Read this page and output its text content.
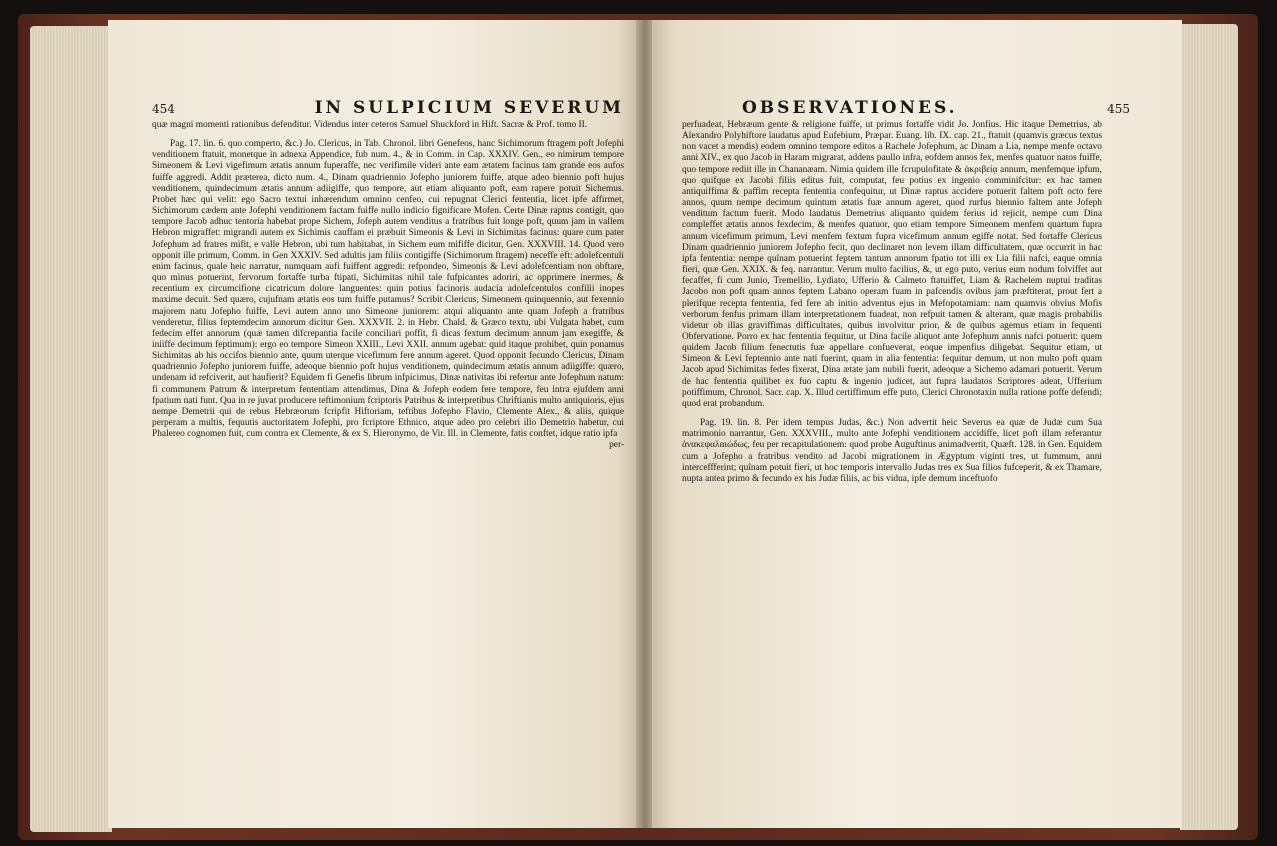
454	IN SULPICIUM SEVERUM

quæ magni momenti rationibus defenditur. Videndus inter ceteros Samuel Shuckford in Hift. Sacræ & Prof. tomo II.

Pag. 17. lin. 6. quo comperto, &c.) Jo. Clericus, in Tab. Chronol. libri Genefeos, hanc Sichimorum ftragem poft Jofephi venditionem ftatuit, monetque in adnexa Appendice, fub num. 4., & in Comm. in Cap. XXXIV. Gen., eo nimirum tempore Simeonem & Levi vigefimum ætatis annum fuperaffe, nec verifimile videri ante eam ætatem facinus tam grande eos aufos fuiffe aggredi. Addit præterea, dicto num. 4., Dinam quadriennio Jofepho juniorem fuiffe, atque adeo biennio poft hujus venditionem, quindecimum ætatis annum adiigiffe, quo tempore, aut etiam aliquanto poft, eam rapere potuit Sichemus. Probet hæc qui velit: ego Sacro textui inhærendum omnino cenfeo, cui repugnat Clerici fententia, licet ipfe affirmet, Sichimorum cædem ante Jofephi venditionem factam fuiffe nullo indicio fignificare Mofen. Certe Dinæ raptus contigit, quo tempore Jacob adhuc tentoria habebat prope Sichem, Jofeph autem venditus a fratribus fuit longe poft, quum jam in vallem Hebron migraffet: migrandi autem ex Sichimis cauffam ei præbuit Simeonis & Levi in Sichimitas facinus: quare cum pater Jofephum ad fratres mifit, e valle Hebron, ubi tum habitabat, in Sichem eum mififfe dicitur, Gen. XXXVIII. 14. Quod vero opponit ille primum, Comm. in Gen XXXIV. Sed adultis jam filiis contigiffe (Sichimorum ftragem) neceffe eft: adolefcentuli enim facinus, quale heic narratur, numquam aufi fuiffent aggredi: refpondeo, Simeonis & Levi adolefcentiam non obftare, quo minus potuerint, fervorum fortaffe turba ftipati, Sichimitas nihil tale fufpicantes adoriri, ac opprimere inermes, & recentium ex circumcifione cicatricum dolore languentes: quin potius facinoris audacia adolefcentulos confilii inopes maxime decuit. Sed quæro, cujufnam ætatis eos tum fuiffe putamus? Scribit Clericus, Simeonem quinquennio, aut fexennio majorem natu Jofepho fuiffe, Levi autem anno uno Simeone juniorem: atqui aliquanto ante quam Jofeph a fratribus venderetur, filius feptemdecim annorum dicitur Gen. XXXVII. 2. in Hebr. Chald. & Græco textu, ubi Vulgata habet, cum fedecim effet annorum (quæ tamen difcrepantia facile conciliari poffit, fi dicas fextum decimum annum jam exegiffe, & iniiffe decimum feptimum): ergo eo tempore Simeon XXIII., Levi XXII. annum agebat: quid itaque prohibet, quin ponamus Sichimitas ab his occifos biennio ante, quum uterque vicefimum fere annum ageret. Quod opponit fecundo Clericus, Dinam quadriennio Jofepho juniorem fuiffe, adeoque biennio poft hujus venditionem, quindecimum ætatis annum adiigiffe: quæro, undenam id refciverit, aut haufierit? Equidem fi Genefis librum infpicimus, Dinæ nativitas ibi refertur ante Jofephum natum: fi communem Patrum & interpretum fententiam attendimus, Dina & Jofeph eodem fere tempore, feu intra ejufdem anni fpatium nati funt. Qua in re juvat producere teftimonium fcriptoris Patribus & interpretibus Chriftianis multo antiquioris, ejus nempe Demetrii qui de rebus Hebræorum fcripfit Hiftoriam, teftibus Jofepho Flavio, Clemente Alex., & aliis, quique perperam a multis, fequutis auctoritatem Jofephi, pro fcriptore Ethnico, atque adeo pro celebri illo Demetrio habetur, cui Phalereo cognomen fuit, cum contra ex Clemente, & ex S. Hieronymo, de Vir. Ill. in Clemente, fatis conftet, idque ratio ipfa

per-
OBSERVATIONES.	455

perfuadeat, Hebræum gente & religione fuiffe, ut primus fortaffe vidit Jo. Jonfius. Hic itaque Demetrius, ab Alexandro Polyhiftore laudatus apud Eufebium, Præpar. Euang. lib. IX. cap. 21., ftatuit (quamvis græcus textus non vacet a mendis) eodem omnino tempore editos a Rachele Jofephum, ac Dinam a Lia, nempe menfe octavo anni XIV., ex quo Jacob in Haram migrarat, addens paullo infra, eofdem annos fex, menfes quatuor natos fuiffe, quo tempore rediit ille in Chananæam. Nimia quidem ille fcrupulofitate & ἀκριβείᾳ annum, menfemque ipfum, quo quifque ex Jacobi filiis editus fuit, computat, feu potius ex ingenio comminifcitur: ex hac tamen antiquiffima & paffim recepta fententia confequitur, ut Dinæ raptus accidere potuerit faltem poft octo fere annos, quum nempe decimum quintum ætatis fuæ annum ageret, quod rurfus biennio faltem ante Jofeph venditum factum fuerit. Modo laudatus Demetrius aliquanto quidem ferius id rejicit, nempe cum Dina compleffet ætatis annos fexdecim, & menfes quatuor, quo etiam tempore Simeonem menfem quartum fupra annum vicefimum primum, Levi menfem fextum fupra vicefimum annum egiffe notat. Sed fortaffe Clericus Dinam quadriennio juniorem Jofepho fecit, quo declinaret non levem illam difficultatem, quæ occurrit in hac ipfa fententia: nempe quînam potuerint feptem tantum annorum fpatio tot illi ex Lia filii nafci, eaque omnia fieri, quæ Gen. XXIX. & feq. narrantur. Verum multo facilius, &, ut ego puto, verius eum nodum folviffet aut fecaffet, fi cum Junio, Tremellio, Lydiato, Ufferio & Calmeto ftatuiffet, Liam & Rachelem nuptui traditas Jacobo non poft quam annos feptem Labano operam fuam in pafcendis ovibus jam præftiterat, prout fert a plerifque recepta fententia, fed fere ab initio adventus ejus in Mefopotamiam: nam quamvis obvius Mofis verborum fenfus primam illam interpretationem fuadeat, non refpuit tamen & alteram, quæ magis probabilis videtur ob illas graviffimas difficultates, quibus involvitur prior, & de quibus agemus etiam in fequenti Obfervatione. Porro ex hac fententia fequitur, ut Dina facile aliquot ante Jofephum annis nafci potuerit: quem quidem Jacob filium fenectutis fuæ appellare confueverat, eoque impenfius diligebat. Sequitur etiam, ut Simeon & Levi feptennio ante nati fuerint, quam in alia fententia: fequitur demum, ut non multo poft quam Jacob apud Sichimitas fedes fixerat, Dina ætate jam nubili fuerit, adeoque a Sichemo adamari potuerit. Verum de hac fententia quilibet ex fuo captu & ingenio judicet, aut fupra laudatos Scriptores adeat, Ufferium potiffimum, Chronol. Sacr. cap. X. Illud certiffimum effe puto, Clerici Chronotaxin nulla ratione poffe defendi; quod erat probandum.

Pag. 19. lin. 8. Per idem tempus Judas, &c.) Non advertit heic Severus ea quæ de Judæ cum Sua matrimonio narrantur, Gen. XXXVIII., multo ante Jofephi venditionem accidiffe, licet poft illam referantur ἀνακεφαλαιώδως, feu per recapitulationem: quod probe Auguftinus animadvertit, Quæft. 128. in Gen. Equidem cum a Jofepho a fratribus vendito ad Jacobi migrationem in Ægyptum viginti tres, ut fummum, anni interceffferint; quînam potuit fieri, ut hoc temporis intervallo Judas tres ex Sua filios fufceperit, & ex Thamare, nupta antea primo & fecundo ex his Judæ filiis, ac bis vidua, ipfe demum inceftuofo
